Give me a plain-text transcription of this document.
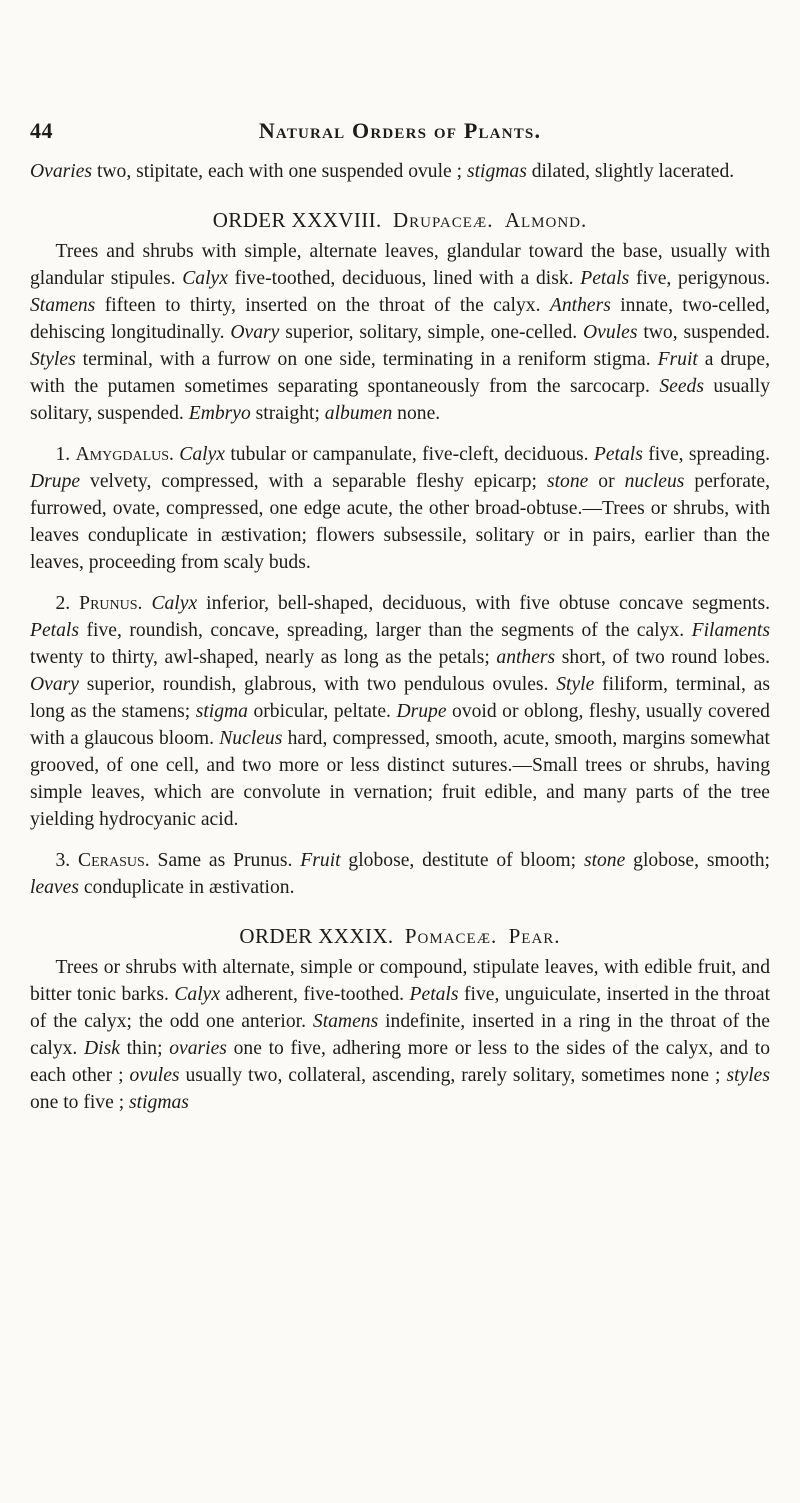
44	Natural Orders of Plants.

Ovaries two, stipitate, each with one suspended ovule ; stigmas dilated, slightly lacerated.

ORDER XXXVIII. Drupaceæ. Almond.

Trees and shrubs with simple, alternate leaves, glandular toward the base, usually with glandular stipules. Calyx five-toothed, deciduous, lined with a disk. Petals five, perigynous. Stamens fifteen to thirty, inserted on the throat of the calyx. Anthers innate, two-celled, dehiscing longitudinally. Ovary superior, solitary, simple, one-celled. Ovules two, suspended. Styles terminal, with a furrow on one side, terminating in a reniform stigma. Fruit a drupe, with the putamen sometimes separating spontaneously from the sarcocarp. Seeds usually solitary, suspended. Embryo straight; albumen none.

1. Amygdalus. Calyx tubular or campanulate, five-cleft, deciduous. Petals five, spreading. Drupe velvety, compressed, with a separable fleshy epicarp; stone or nucleus perforate, furrowed, ovate, compressed, one edge acute, the other broad-obtuse.—Trees or shrubs, with leaves conduplicate in æstivation; flowers subsessile, solitary or in pairs, earlier than the leaves, proceeding from scaly buds.

2. Prunus. Calyx inferior, bell-shaped, deciduous, with five obtuse concave segments. Petals five, roundish, concave, spreading, larger than the segments of the calyx. Filaments twenty to thirty, awl-shaped, nearly as long as the petals; anthers short, of two round lobes. Ovary superior, roundish, glabrous, with two pendulous ovules. Style filiform, terminal, as long as the stamens; stigma orbicular, peltate. Drupe ovoid or oblong, fleshy, usually covered with a glaucous bloom. Nucleus hard, compressed, smooth, acute, smooth, margins somewhat grooved, of one cell, and two more or less distinct sutures.—Small trees or shrubs, having simple leaves, which are convolute in vernation; fruit edible, and many parts of the tree yielding hydrocyanic acid.

3. Cerasus. Same as Prunus. Fruit globose, destitute of bloom; stone globose, smooth; leaves conduplicate in æstivation.

ORDER XXXIX. Pomaceæ. Pear.

Trees or shrubs with alternate, simple or compound, stipulate leaves, with edible fruit, and bitter tonic barks. Calyx adherent, five-toothed. Petals five, unguiculate, inserted in the throat of the calyx; the odd one anterior. Stamens indefinite, inserted in a ring in the throat of the calyx. Disk thin; ovaries one to five, adhering more or less to the sides of the calyx, and to each other ; ovules usually two, collateral, ascending, rarely solitary, sometimes none ; styles one to five ; stigmas
